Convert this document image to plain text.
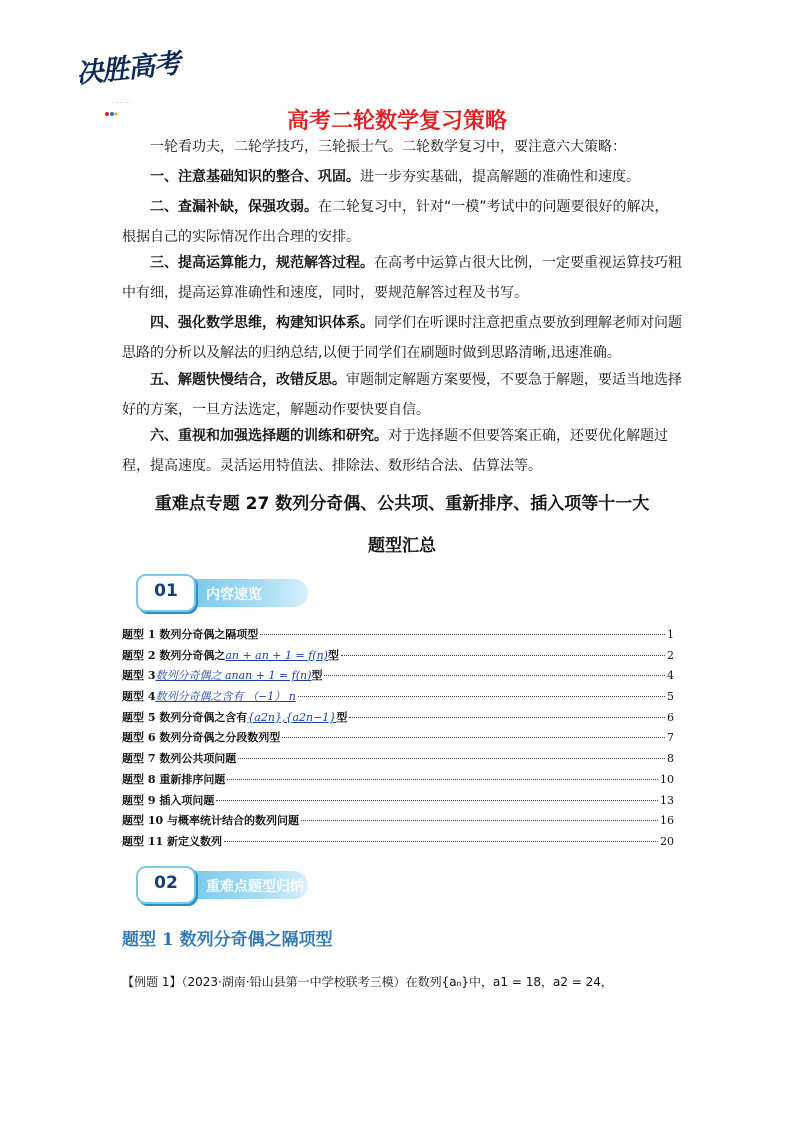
决胜高考
· ·· ·· ·· ·
高考二轮数学复习策略

一轮看功夫，二轮学技巧，三轮振士气。二轮数学复习中，要注意六大策略：

一、注意基础知识的整合、巩固。进一步夯实基础，提高解题的准确性和速度。

二、查漏补缺，保强攻弱。在二轮复习中，针对“一模”考试中的问题要很好的解决，根据自己的实际情况作出合理的安排。

三、提高运算能力，规范解答过程。在高考中运算占很大比例，一定要重视运算技巧粗中有细，提高运算准确性和速度，同时，要规范解答过程及书写。

四、强化数学思维，构建知识体系。同学们在听课时注意把重点要放到理解老师对问题思路的分析以及解法的归纳总结,以便于同学们在刷题时做到思路清晰,迅速准确。

五、解题快慢结合，改错反思。审题制定解题方案要慢，不要急于解题，要适当地选择好的方案，一旦方法选定，解题动作要快要自信。

六、重视和加强选择题的训练和研究。对于选择题不但要答案正确，还要优化解题过程，提高速度。灵活运用特值法、排除法、数形结合法、估算法等。

重难点专题 27 数列分奇偶、公共项、重新排序、插入项等十一大
题型汇总
01	内容速览
题型 1 数列分奇偶之隔项型	1
题型 2 数列分奇偶之 an + an + 1 = f(n) 型	2
题型 3 数列分奇偶之 anan + 1 = f(n) 型	4
题型 4 数列分奇偶之含有 （−1） n	5
题型 5 数列分奇偶之含有 {a2n},{a2n−1} 型	6
题型 6 数列分奇偶之分段数列型	7
题型 7 数列公共项问题	8
题型 8 重新排序问题	10
题型 9 插入项问题	13
题型 10 与概率统计结合的数列问题	16
题型 11 新定义数列	20
02	重难点题型归纳
题型 1 数列分奇偶之隔项型
【例题 1】（2023·湖南·铅山县第一中学校联考三模）在数列{aₙ}中，a1 = 18，a2 = 24，
